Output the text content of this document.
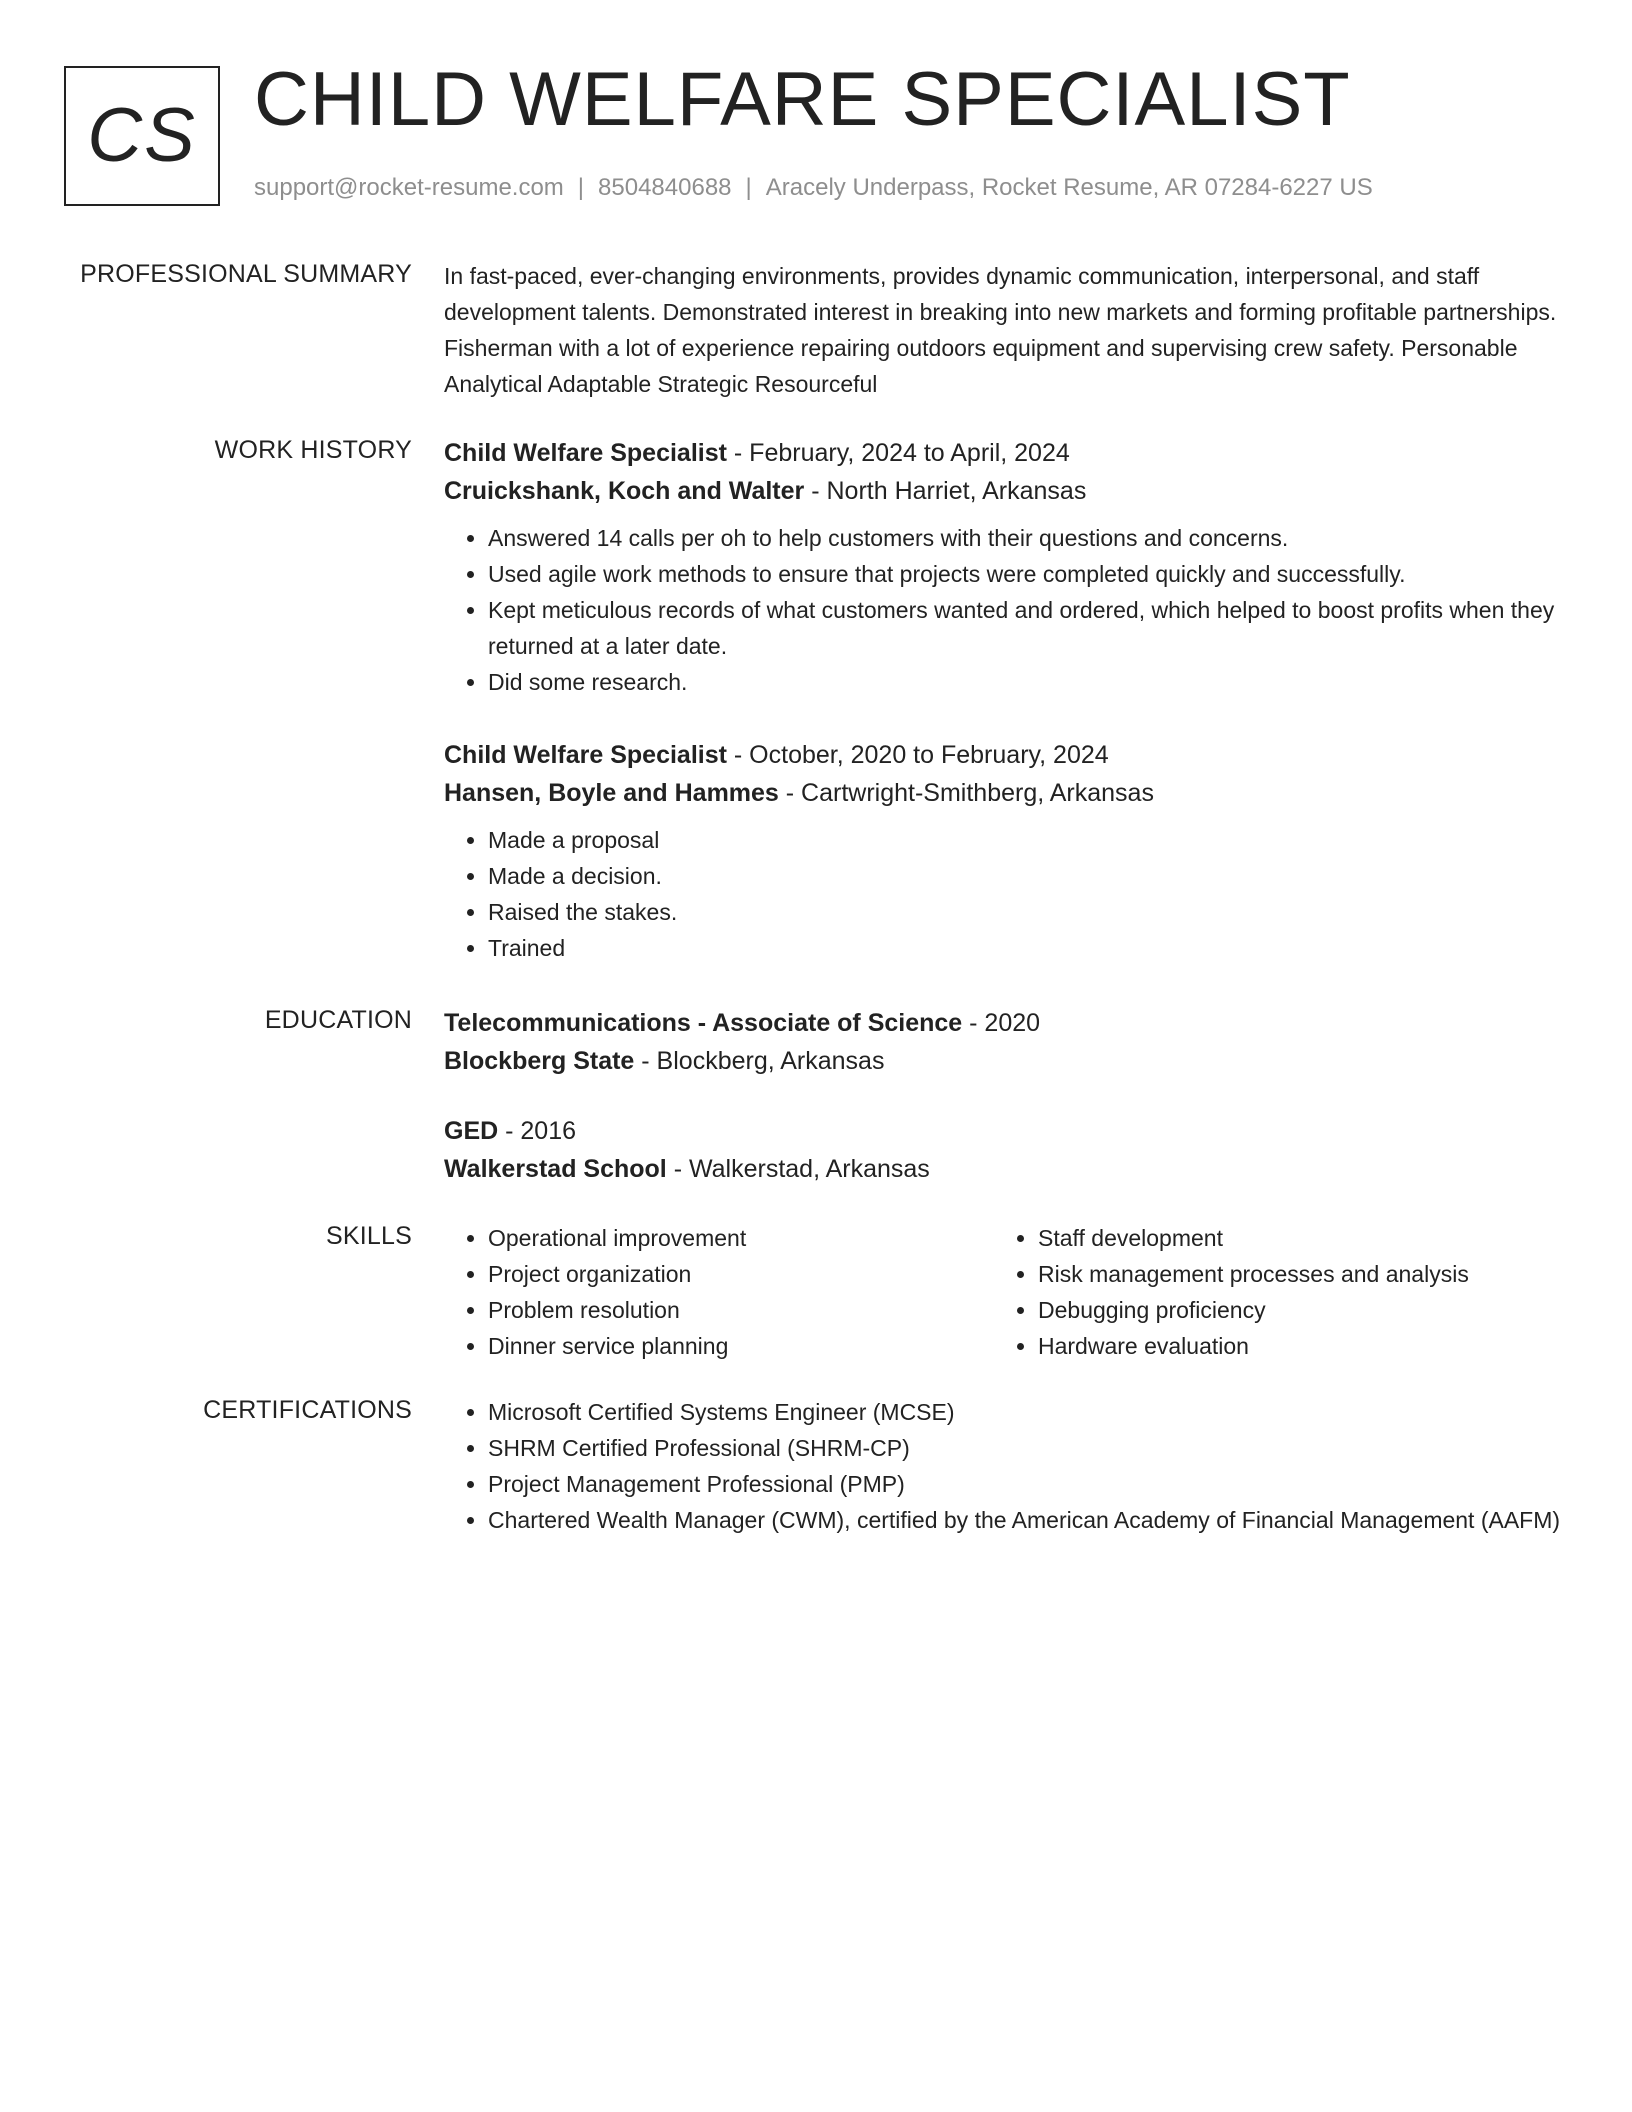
CS CHILD WELFARE SPECIALIST
support@rocket-resume.com | 8504840688 | Aracely Underpass, Rocket Resume, AR 07284-6227 US
PROFESSIONAL SUMMARY In fast-paced, ever-changing environments, provides dynamic communication, interpersonal, and staff development talents. Demonstrated interest in breaking into new markets and forming profitable partnerships. Fisherman with a lot of experience repairing outdoors equipment and supervising crew safety. Personable Analytical Adaptable Strategic Resourceful

WORK HISTORY Child Welfare Specialist - February, 2024 to April, 2024
Cruickshank, Koch and Walter - North Harriet, Arkansas
• Answered 14 calls per oh to help customers with their questions and concerns.
• Used agile work methods to ensure that projects were completed quickly and successfully.
• Kept meticulous records of what customers wanted and ordered, which helped to boost profits when they returned at a later date.
• Did some research.
Child Welfare Specialist - October, 2020 to February, 2024
Hansen, Boyle and Hammes - Cartwright-Smithberg, Arkansas
• Made a proposal
• Made a decision.
• Raised the stakes.
• Trained
EDUCATION Telecommunications - Associate of Science - 2020
Blockberg State - Blockberg, Arkansas
GED - 2016
Walkerstad School - Walkerstad, Arkansas
SKILLS	• Operational improvement
• Project organization
• Problem resolution
• Dinner service planning
• Staff development
• Risk management processes and analysis
• Debugging proficiency
• Hardware evaluation
CERTIFICATIONS	• Microsoft Certified Systems Engineer (MCSE)
• SHRM Certified Professional (SHRM-CP)
• Project Management Professional (PMP)
• Chartered Wealth Manager (CWM), certified by the American Academy of Financial Management (AAFM)
